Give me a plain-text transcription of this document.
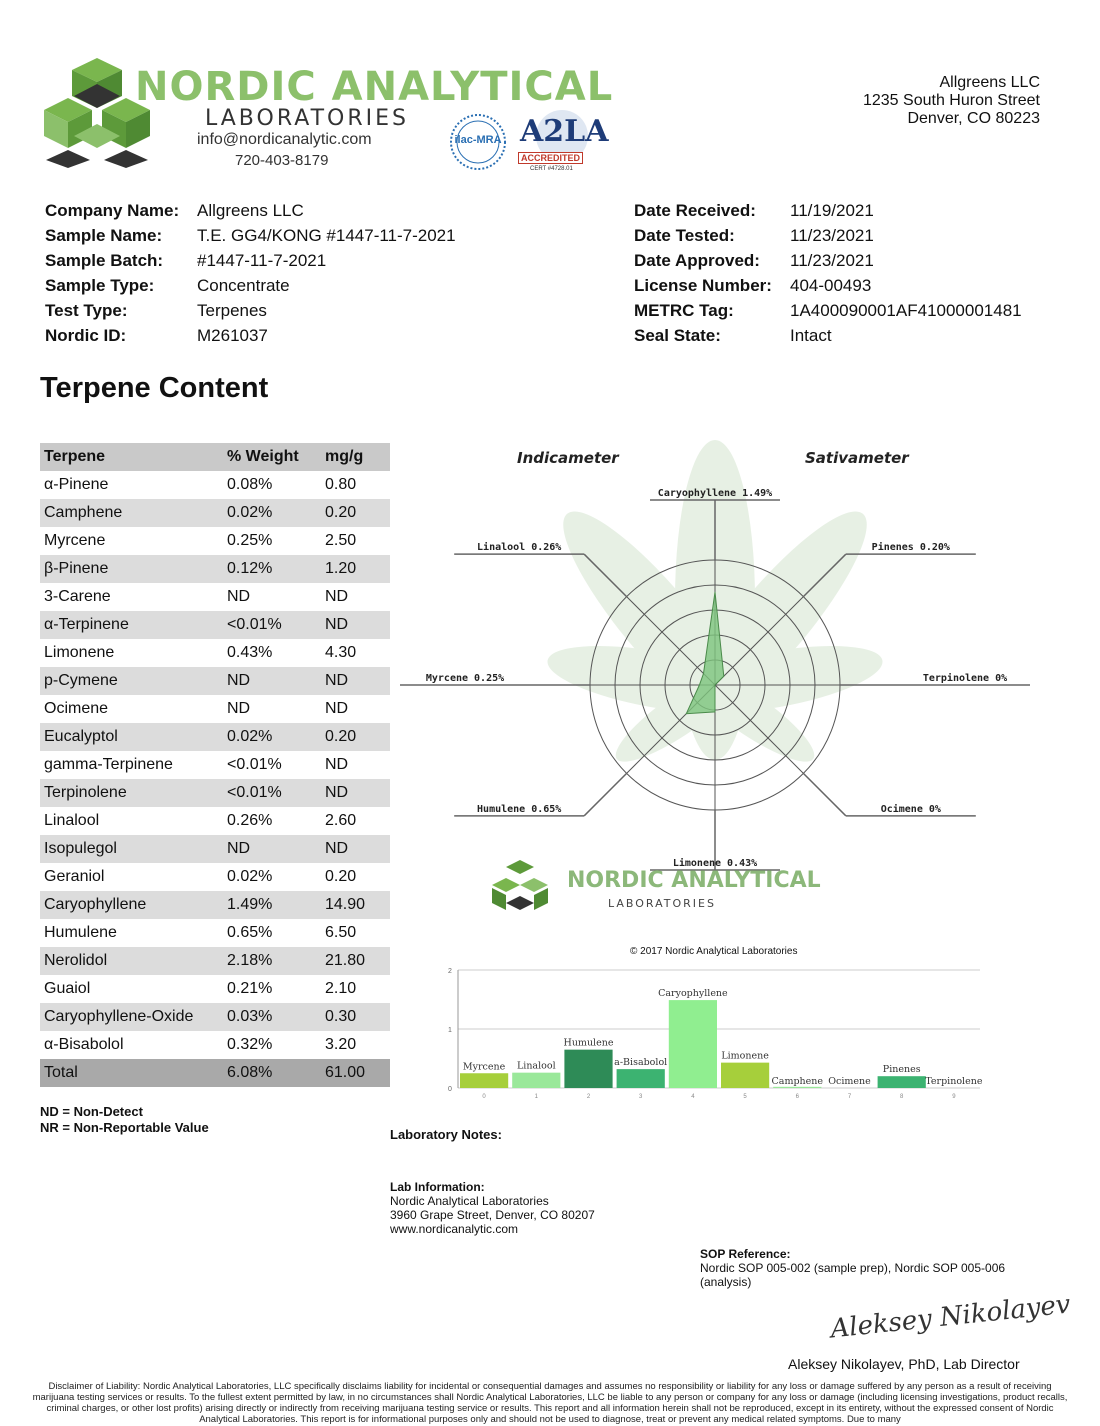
NORDIC ANALYTICAL
LABORATORIES
info@nordicanalytic.com
720-403-8179
ilac-MRA A2LA
ACCREDITED
CERT #4728.01
Allgreens LLC
1235 South Huron Street
Denver, CO 80223
Company Name:	Allgreens LLC
Sample Name:	T.E. GG4/KONG #1447-11-7-2021
Sample Batch:	#1447-11-7-2021
Sample Type:	Concentrate
Test Type:	Terpenes
Nordic ID:	M261037
Date Received:	11/19/2021
Date Tested:	11/23/2021
Date Approved:	11/23/2021
License Number:	404-00493
METRC Tag:	1A400090001AF41000001481
Seal State:	Intact
Terpene Content
Terpene	% Weight	mg/g
α-Pinene	0.08%	0.80
Camphene	0.02%	0.20
Myrcene	0.25%	2.50
β-Pinene	0.12%	1.20
3-Carene	ND	ND
α-Terpinene	<0.01%	ND
Limonene	0.43%	4.30
p-Cymene	ND	ND
Ocimene	ND	ND
Eucalyptol	0.02%	0.20
gamma-Terpinene	<0.01%	ND
Terpinolene	<0.01%	ND
Linalool	0.26%	2.60
Isopulegol	ND	ND
Geraniol	0.02%	0.20
Caryophyllene	1.49%	14.90
Humulene	0.65%	6.50
Nerolidol	2.18%	21.80
Guaiol	0.21%	2.10
Caryophyllene-Oxide	0.03%	0.30
α-Bisabolol	0.32%	3.20
Total	6.08%	61.00
ND = Non-Detect
NR = Non-Reportable Value
Caryophyllene 1.49%
Pinenes 0.20%
Terpinolene 0%
Ocimene 0%
Limonene 0.43%
Humulene 0.65%
Myrcene 0.25%
Linalool 0.26%
Indicameter	Sativameter
NORDIC ANALYTICAL
LABORATORIES
© 2017 Nordic Analytical Laboratories
0
1
2
Myrcene
0
Linalool
1
Humulene
2
a-Bisabolol
3
Caryophyllene
4
Limonene
5
Camphene
6
Ocimene
7
Pinenes
8
Terpinolene
9
Laboratory Notes:
Lab Information:
Nordic Analytical Laboratories
3960 Grape Street, Denver, CO 80207
www.nordicanalytic.com
SOP Reference:
Nordic SOP 005-002 (sample prep), Nordic SOP 005-006 (analysis)
Aleksey Nikolayev
Aleksey Nikolayev, PhD, Lab Director
Disclaimer of Liability: Nordic Analytical Laboratories, LLC specifically disclaims liability for incidental or consequential damages and assumes no responsibility or liability for any loss or damage suffered by any person as a result of receiving marijuana testing services or results. To the fullest extent permitted by law, in no circumstances shall Nordic Analytical Laboratories, LLC be liable to any person or company for any loss or damage (including licensing investigations, product recalls, criminal charges, or other lost profits) arising directly or indirectly from receiving marijuana testing service or results. This report and all information herein shall not be reproduced, except in its entirety, without the expressed consent of Nordic Analytical Laboratories. This report is for informational purposes only and should not be used to diagnose, treat or prevent any medical related symptoms. Due to many
